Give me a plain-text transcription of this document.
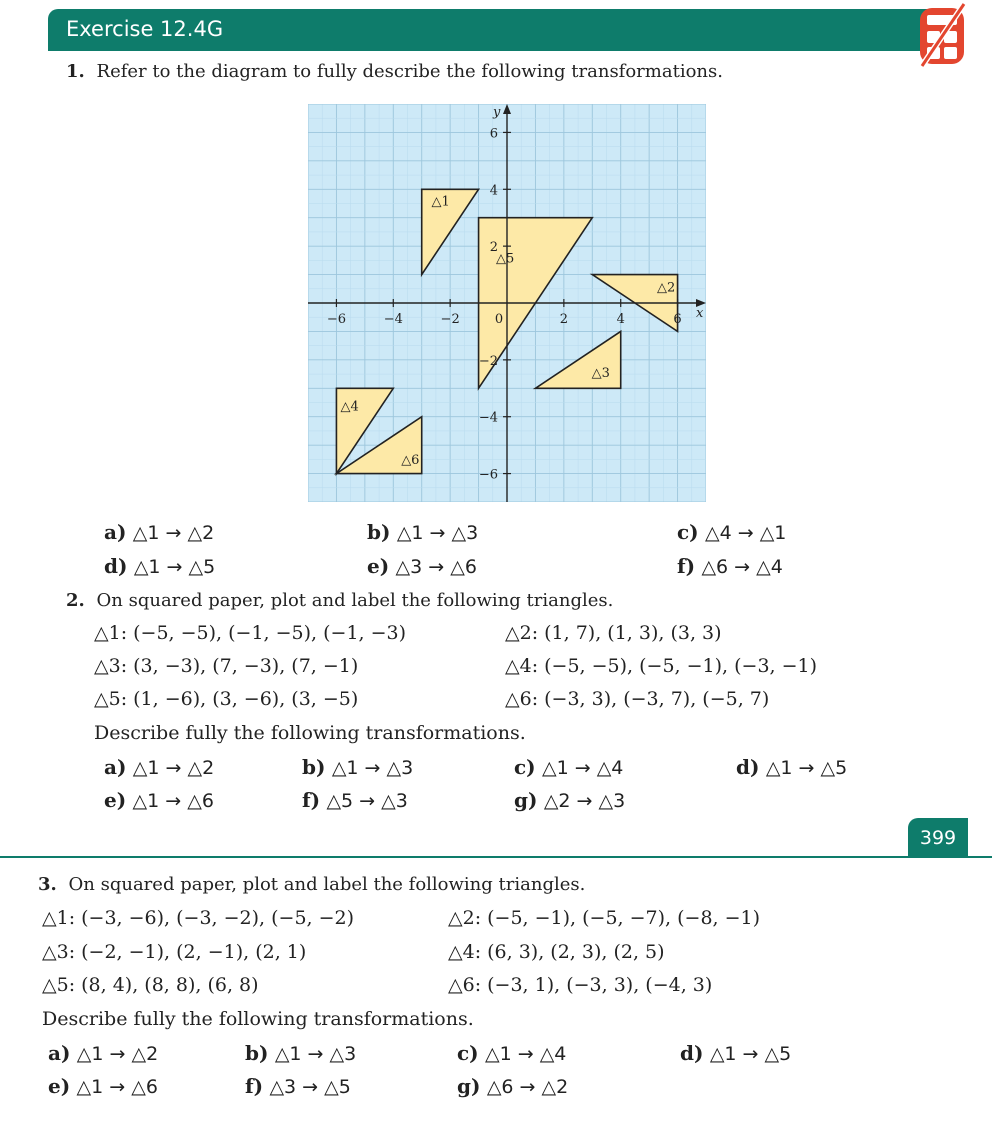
Exercise 12.4G
1. Refer to the diagram to fully describe the following transformations.
△1
△2
△3
△4
△5
△6
x
y
−6	−4	−2	0	2	4	6
6
4
2
−2
−4
−6
a) △1 → △2	b) △1 → △3	c) △4 → △1
d) △1 → △5	e) △3 → △6	f) △6 → △4
2. On squared paper, plot and label the following triangles.
△1: (−5, −5), (−1, −5), (−1, −3)	△2: (1, 7), (1, 3), (3, 3)
△3: (3, −3), (7, −3), (7, −1)	△4: (−5, −5), (−5, −1), (−3, −1)
△5: (1, −6), (3, −6), (3, −5)	△6: (−3, 3), (−3, 7), (−5, 7)
Describe fully the following transformations.
a) △1 → △2	b) △1 → △3	c) △1 → △4	d) △1 → △5
e) △1 → △6	f) △5 → △3	g) △2 → △3
399
3. On squared paper, plot and label the following triangles.
△1: (−3, −6), (−3, −2), (−5, −2)	△2: (−5, −1), (−5, −7), (−8, −1)
△3: (−2, −1), (2, −1), (2, 1)	△4: (6, 3), (2, 3), (2, 5)
△5: (8, 4), (8, 8), (6, 8)	△6: (−3, 1), (−3, 3), (−4, 3)
Describe fully the following transformations.
a) △1 → △2	b) △1 → △3	c) △1 → △4	d) △1 → △5
e) △1 → △6	f) △3 → △5	g) △6 → △2
